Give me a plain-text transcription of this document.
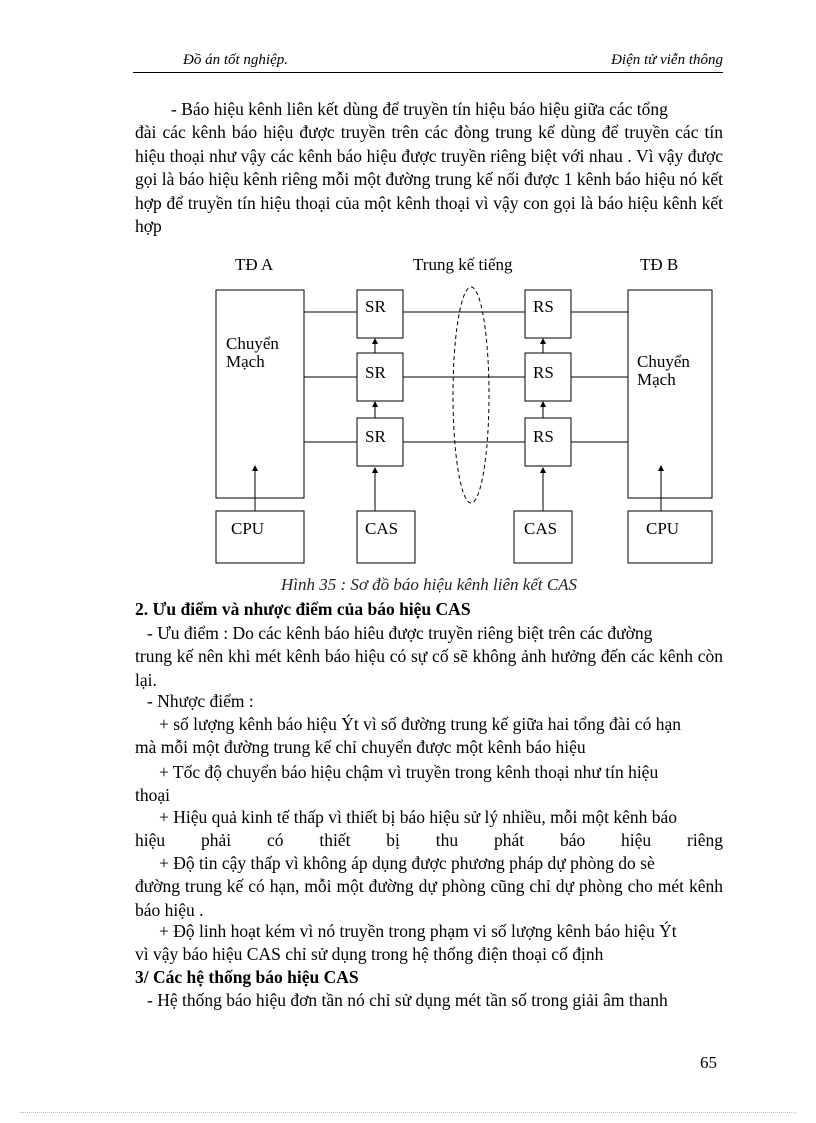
Đồ án tốt nghiệp.	Điện tử viễn thông

- Báo hiệu kênh liên kết dùng để truyền tín hiệu báo hiệu giữa các tổng

đài các kênh báo hiệu được truyền trên các đòng trung kế dùng để truyền các tín hiệu thoại như vậy các kênh báo hiệu được truyền riêng biệt với nhau . Vì vậy được gọi là báo hiệu kênh riêng mỗi một đường trung kế nối được 1 kênh báo hiệu nó kết hợp để truyền tín hiệu thoại của một kênh thoại vì vậy con gọi là báo hiệu kênh kết hợp

TĐ A	Trung kế tiếng	TĐ B
Chuyển
Mạch	Chuyển
Mạch
SR
SR
SR
RS
RS
RS
CPU	CAS	CAS	CPU
Hình 35 : Sơ đồ báo hiệu kênh liên kết CAS

2. Ưu điểm và nhược điểm của báo hiệu CAS

- Ưu điểm : Do các kênh báo hiêu được truyền riêng biệt trên các đường

trung kế nên khi mét kênh báo hiệu có sự cố sẽ không ảnh hưởng đến các kênh còn lại.

- Nhược điểm :

+ số lượng kênh báo hiệu Ýt vì số đường trung kế giữa hai tổng đài có hạn

mà mỗi một đường trung kế chỉ chuyển được một kênh báo hiệu

+ Tốc độ chuyển báo hiệu chậm vì truyền trong kênh thoại như tín hiệu

thoại

+ Hiệu quả kinh tế thấp vì thiết bị báo hiệu sử lý nhiều, mỗi một kênh báo

hiệu phải có thiết bị thu phát báo hiệu riêng

+ Độ tin cậy thấp vì không áp dụng được phương pháp dự phòng do sè

đường trung kế có hạn, mỗi một đường dự phòng cũng chỉ dự phòng cho mét kênh báo hiệu .

+ Độ linh hoạt kém vì nó truyền trong phạm vi số lượng kênh báo hiệu Ýt

vì vậy báo hiệu CAS chỉ sử dụng trong hệ thống điện thoại cố định

3/ Các hệ thống báo hiệu CAS

- Hệ thống báo hiệu đơn tần nó chỉ sử dụng mét tần số trong giải âm thanh

65
